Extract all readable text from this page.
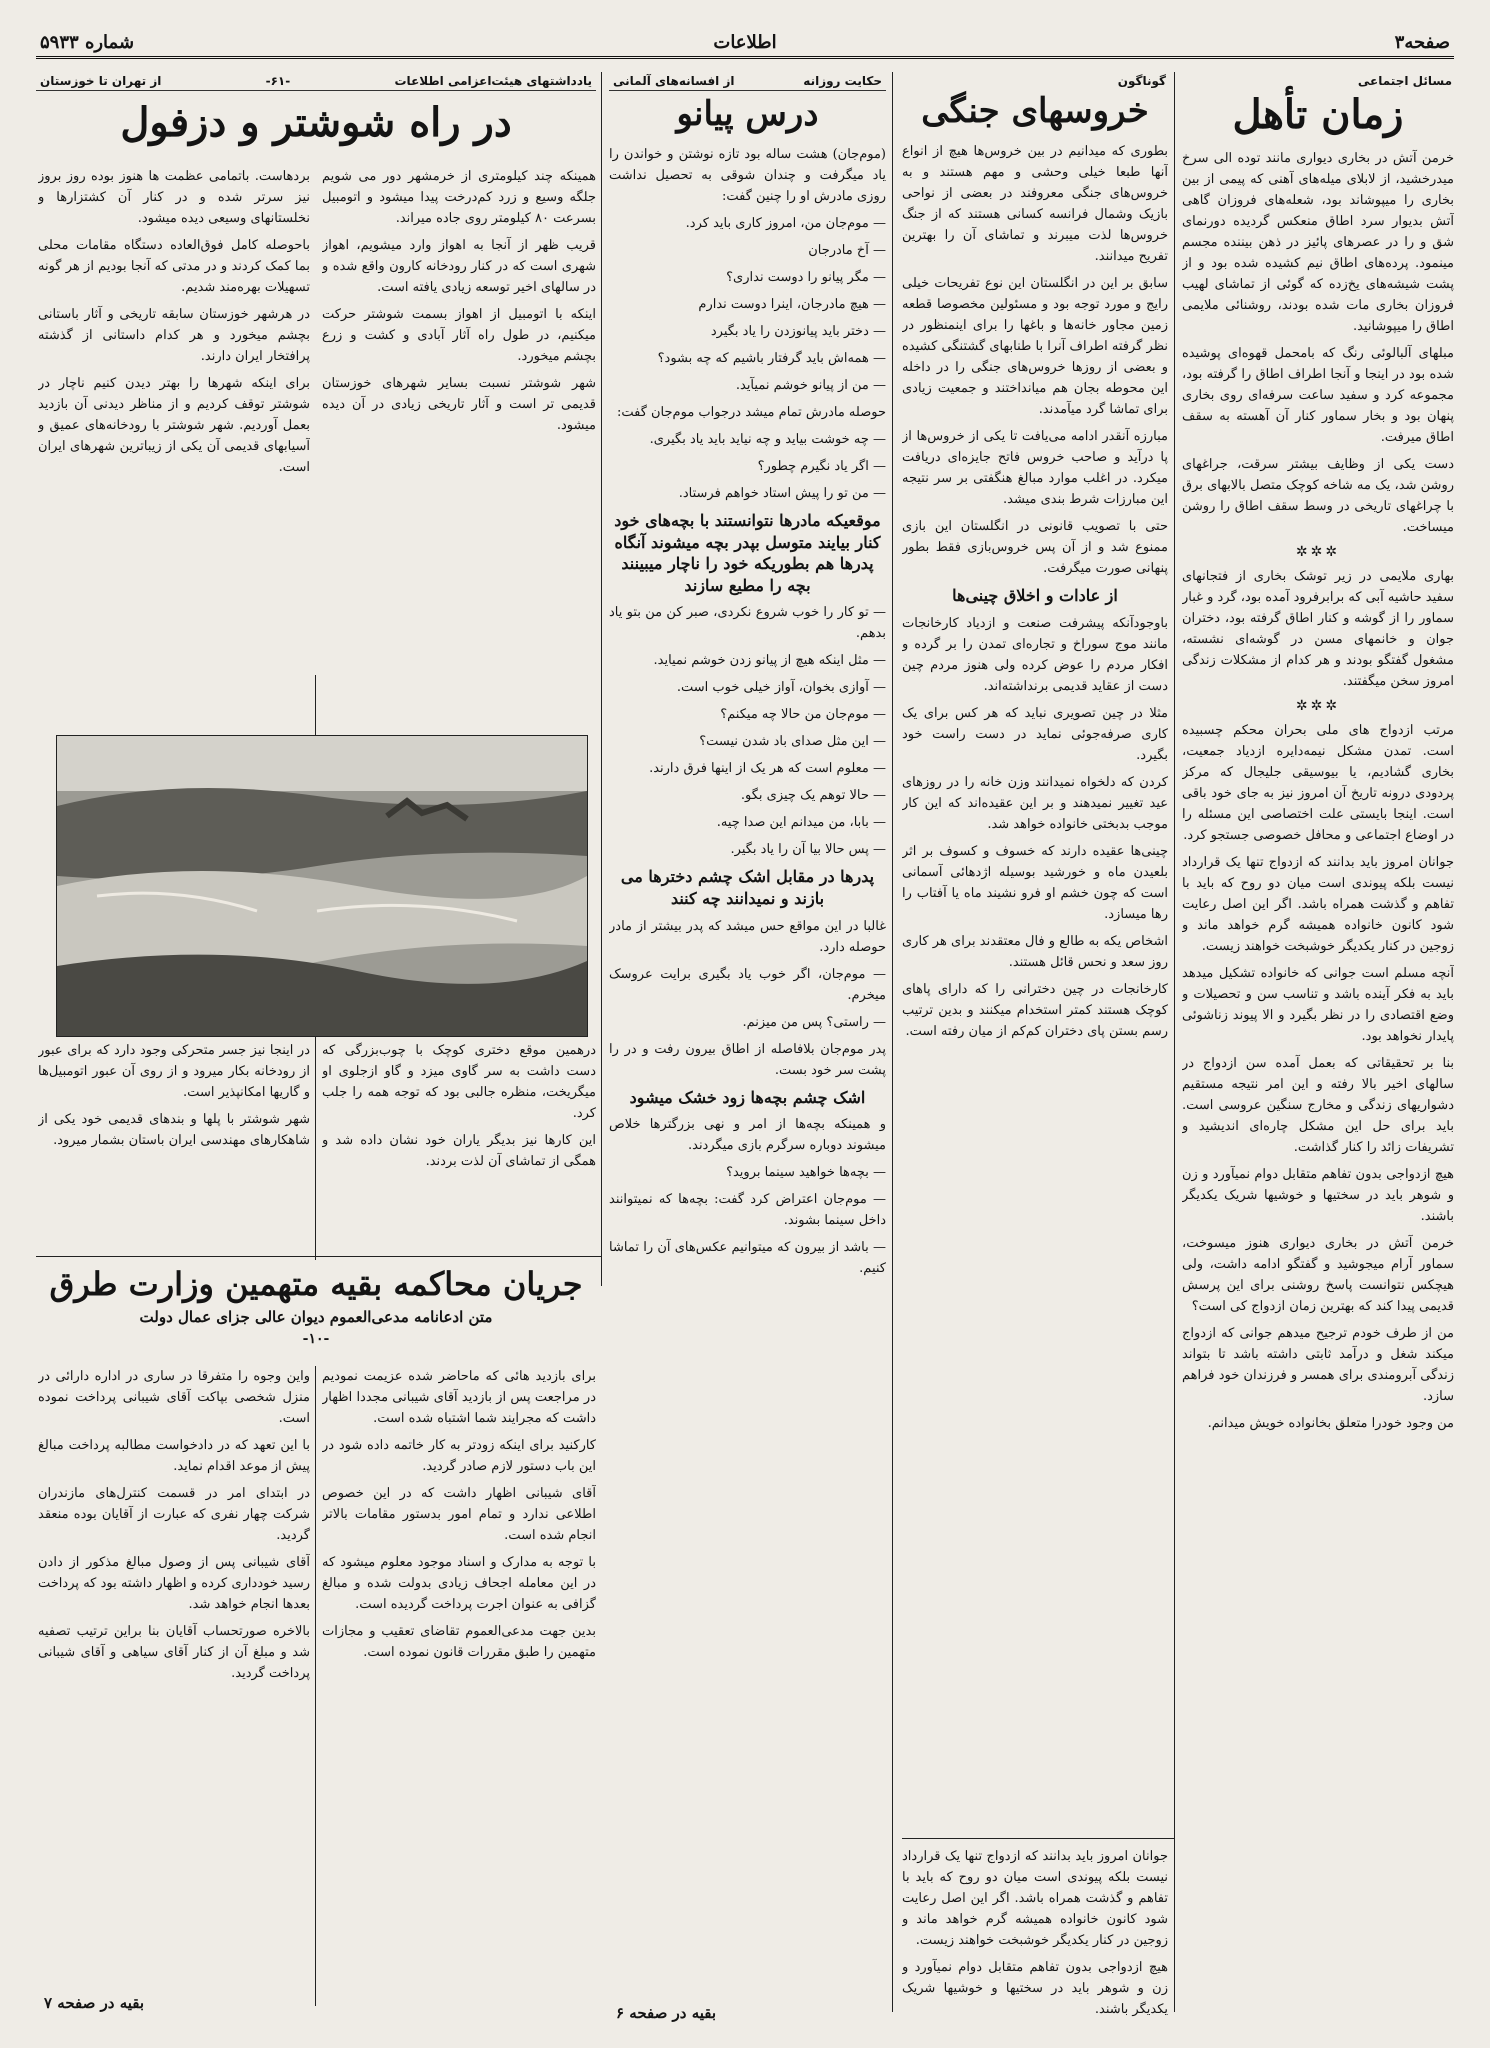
صفحه۳
اطلاعات
شماره ۵۹۳۳
مسائل اجتماعی
زمان تأهل

خرمن آتش در بخاری دیواری مانند توده الی سرخ میدرخشید، از لابلای میله‌های آهنی که پیمی از بین بخاری را میپوشاند بود، شعله‌های فروزان گاهی آتش بدیوار سرد اطاق منعکس گردیده دورنمای شق و را در عصرهای پائیز در ذهن بیننده مجسم مینمود. پرده‌های اطاق نیم کشیده شده بود و از پشت شیشه‌های یخ‌زده که گوئی از تماشای لهیب فروزان بخاری مات شده بودند، روشنائی ملایمی اطاق را میپوشانید.

مبلهای آلبالوئی رنگ که بامحمل قهوه‌ای پوشیده شده بود در اینجا و آنجا اطراف اطاق را گرفته بود، مجموعه کرد و سفید ساعت سرفه‌ای روی بخاری پنهان بود و بخار سماور کنار آن آهسته به سقف اطاق میرفت.

دست یکی از وظایف بیشتر سرقت، جراغهای روشن شد، یک مه شاخه کوچک متصل بالابهای برق با چراغهای تاریخی در وسط سقف اطاق را روشن میساخت.

✲✲✲

بهاری ملایمی در زیر توشک بخاری از فتجانهای سفید حاشیه آبی که برابرفرود آمده بود، گرد و غبار سماور را از گوشه و کنار اطاق گرفته بود، دختران جوان و خانمهای مسن در گوشه‌ای نشسته، مشغول گفتگو بودند و هر کدام از مشکلات زندگی امروز سخن میگفتند.

✲✲✲

مرتب ازدواج های ملی بحران محکم چسبیده است. تمدن مشکل نیمه‌دایره ازدیاد جمعیت، بخاری گشادیم، یا بیوسیقی جلیجال که مرکز پردودی درونه تاریخ آن امروز نیز به جای خود باقی است. اینجا بایستی علت اختصاصی این مسئله را در اوضاع اجتماعی و محافل خصوصی جستجو کرد.

جوانان امروز باید بدانند که ازدواج تنها یک قرارداد نیست بلکه پیوندی است میان دو روح که باید با تفاهم و گذشت همراه باشد. اگر این اصل رعایت شود کانون خانواده همیشه گرم خواهد ماند و زوجین در کنار یکدیگر خوشبخت خواهند زیست.

آنچه مسلم است جوانی که خانواده تشکیل میدهد باید به فکر آینده باشد و تناسب سن و تحصیلات و وضع اقتصادی را در نظر بگیرد و الا پیوند زناشوئی پایدار نخواهد بود.

بنا بر تحقیقاتی که بعمل آمده سن ازدواج در سالهای اخیر بالا رفته و این امر نتیجه مستقیم دشواریهای زندگی و مخارج سنگین عروسی است. باید برای حل این مشکل چاره‌ای اندیشید و تشریفات زائد را کنار گذاشت.

هیچ ازدواجی بدون تفاهم متقابل دوام نمیآورد و زن و شوهر باید در سختیها و خوشیها شریک یکدیگر باشند.

خرمن آتش در بخاری دیواری هنوز میسوخت، سماور آرام میجوشید و گفتگو ادامه داشت، ولی هیچکس نتوانست پاسخ روشنی برای این پرسش قدیمی پیدا کند که بهترین زمان ازدواج کی است؟

من از طرف خودم ترجیح میدهم جوانی که ازدواج میکند شغل و درآمد ثابتی داشته باشد تا بتواند زندگی آبرومندی برای همسر و فرزندان خود فراهم سازد.

من وجود خودرا متعلق بخانواده خویش میدانم.

گوناگون
خروسهای جنگی

بطوری که میدانیم در بین خروس‌ها هیچ از انواع آنها طبعا خیلی وحشی و مهم هستند و به خروس‌های جنگی معروفند در بعضی از نواحی بازیک وشمال فرانسه کسانی هستند که از جنگ خروس‌ها لذت میبرند و تماشای آن را بهترین تفریح میدانند.

سابق بر این در انگلستان این نوع تفریحات خیلی رایج و مورد توجه بود و مسئولین مخصوصا قطعه زمین مجاور خانه‌ها و باغها را برای اینمنظور در نظر گرفته اطراف آنرا با طنابهای گشتنگی کشیده و بعضی از روزها خروس‌های جنگی را در داخله این محوطه بجان هم میانداختند و جمعیت زیادی برای تماشا گرد میآمدند.

مبارزه آنقدر ادامه می‌یافت تا یکی از خروس‌ها از پا درآید و صاحب خروس فاتح جایزه‌ای دریافت میکرد. در اغلب موارد مبالغ هنگفتی بر سر نتیجه این مبارزات شرط بندی میشد.

حتی با تصویب قانونی در انگلستان این بازی ممنوع شد و از آن پس خروس‌بازی فقط بطور پنهانی صورت میگرفت.

از عادات و اخلاق چینی‌ها

باوجودآنکه پیشرفت صنعت و ازدیاد کارخانجات مانند موج سوراخ و تجاره‌ای تمدن را بر گرده و افکار مردم را عوض کرده ولی هنوز مردم چین دست از عقاید قدیمی برنداشته‌اند.

مثلا در چین تصویری نباید که هر کس برای یک کاری صرفه‌جوئی نماید در دست راست خود بگیرد.

کردن که دلخواه نمیدانند وزن خانه را در روزهای عید تغییر نمیدهند و بر این عقیده‌اند که این کار موجب بدبختی خانواده خواهد شد.

چینی‌ها عقیده دارند که خسوف و کسوف بر اثر بلعیدن ماه و خورشید بوسیله اژدهائی آسمانی است که چون خشم او فرو نشیند ماه یا آفتاب را رها میسازد.

اشخاص یکه به طالع و فال معتقدند برای هر کاری روز سعد و نحس قائل هستند.

کارخانجات در چین دخترانی را که دارای پاهای کوچک هستند کمتر استخدام میکنند و بدین ترتیب رسم بستن پای دختران کم‌کم از میان رفته است.

جوانان امروز باید بدانند که ازدواج تنها یک قرارداد نیست بلکه پیوندی است میان دو روح که باید با تفاهم و گذشت همراه باشد. اگر این اصل رعایت شود کانون خانواده همیشه گرم خواهد ماند و زوجین در کنار یکدیگر خوشبخت خواهند زیست.

هیچ ازدواجی بدون تفاهم متقابل دوام نمیآورد و زن و شوهر باید در سختیها و خوشیها شریک یکدیگر باشند.

حکایت روزانه
از افسانه‌های آلمانی
درس پیانو

(موم‌جان) هشت ساله بود تازه نوشتن و خواندن را یاد میگرفت و چندان شوقی به تحصیل نداشت روزی مادرش او را چنین گفت:

— موم‌جان من، امروز کاری باید کرد.

— آخ مادرجان

— مگر پیانو را دوست نداری؟

— هیچ مادرجان، اینرا دوست ندارم

— دختر باید پیانوزدن را یاد بگیرد

— همه‌اش باید گرفتار باشیم که چه بشود؟

— من از پیانو خوشم نمیآید.

حوصله مادرش تمام میشد درجواب موم‌جان گفت:

— چه خوشت بیاید و چه نیاید باید یاد بگیری.

— اگر یاد نگیرم چطور؟

— من تو را پیش استاد خواهم فرستاد.

موقعیکه مادرها نتوانستند با بچه‌های خود کنار بیایند متوسل بپدر بچه میشوند آنگاه پدرها هم بطوریکه خود را ناچار میبینند بچه را مطیع سازند

— تو کار را خوب شروع نکردی، صبر کن من بتو یاد بدهم.

— مثل اینکه هیچ از پیانو زدن خوشم نمیاید.

— آوازی بخوان، آواز خیلی خوب است.

— موم‌جان من حالا چه میکنم؟

— این مثل صدای باد شدن نیست؟

— معلوم است که هر یک از اینها فرق دارند.

— حالا توهم یک چیزی بگو.

— بابا، من میدانم این صدا چیه.

— پس حالا بیا آن را یاد بگیر.

پدرها در مقابل اشک چشم دخترها می بازند و نمیدانند چه کنند

غالبا در این مواقع حس میشد که پدر بیشتر از مادر حوصله دارد.

— موم‌جان، اگر خوب یاد بگیری برایت عروسک میخرم.

— راستی؟ پس من میزنم.

پدر موم‌جان بلافاصله از اطاق بیرون رفت و در را پشت سر خود بست.

اشک چشم بچه‌ها زود خشک میشود

و همینکه بچه‌ها از امر و نهی بزرگترها خلاص میشوند دوباره سرگرم بازی میگردند.

— بچه‌ها خواهید سینما بروید؟

— موم‌جان اعتراض کرد گفت: بچه‌ها که نمیتوانند داخل سینما بشوند.

— باشد از بیرون که میتوانیم عکس‌های آن را تماشا کنیم.

بقیه در صفحه ۶
یادداشتهای هیئت‌اعزامی اطلاعات
-۶۱-
از تهران تا خوزستان
در راه شوشتر و دزفول

همینکه چند کیلومتری از خرمشهر دور می شویم جلگه وسیع و زرد کم‌درخت پیدا میشود و اتومبیل بسرعت ۸۰ کیلومتر روی جاده میراند.

قریب ظهر از آنجا به اهواز وارد میشویم، اهواز شهری است که در کنار رودخانه کارون واقع شده و در سالهای اخیر توسعه زیادی یافته است.

اینکه با اتومبیل از اهواز بسمت شوشتر حرکت میکنیم، در طول راه آثار آبادی و کشت و زرع بچشم میخورد.

شهر شوشتر نسبت بسایر شهرهای خوزستان قدیمی تر است و آثار تاریخی زیادی در آن دیده میشود.

بردهاست. باتمامی عظمت ها هنوز بوده روز بروز نیز سرتر شده و در کنار آن کشتزارها و نخلستانهای وسیعی دیده میشود.

باحوصله کامل فوق‌العاده دستگاه مقامات محلی بما کمک کردند و در مدتی که آنجا بودیم از هر گونه تسهیلات بهره‌مند شدیم.

در هرشهر خوزستان سابقه تاریخی و آثار باستانی بچشم میخورد و هر کدام داستانی از گذشته پرافتخار ایران دارند.

برای اینکه شهرها را بهتر دیدن کنیم ناچار در شوشتر توقف کردیم و از مناظر دیدنی آن بازدید بعمل آوردیم. شهر شوشتر با رودخانه‌های عمیق و آسیابهای قدیمی آن یکی از زیباترین شهرهای ایران است.

درهمین موقع دختری کوچک با چوب‌بزرگی که دست داشت به سر گاوی میزد و گاو ازجلوی او میگریخت، منظره جالبی بود که توجه همه را جلب کرد.

این کارها نیز بدیگر یاران خود نشان داده شد و همگی از تماشای آن لذت بردند.

در اینجا نیز جسر متحرکی وجود دارد که برای عبور از رودخانه بکار میرود و از روی آن عبور اتومبیل‌ها و گاریها امکانپذیر است.

شهر شوشتر با پلها و بندهای قدیمی خود یکی از شاهکارهای مهندسی ایران باستان بشمار میرود.

جریان محاکمه بقیه متهمین وزارت طرق
متن ادعانامه مدعی‌العموم دیوان عالی جزای عمال دولت
-۱۰-

برای بازدید هائی که ماحاضر شده عزیمت نمودیم در مراجعت پس از بازدید آقای شیبانی مجددا اظهار داشت که مجرایند شما اشتباه شده است.

کارکنید برای اینکه زودتر به کار خاتمه داده شود در این باب دستور لازم صادر گردید.

آقای شیبانی اظهار داشت که در این خصوص اطلاعی ندارد و تمام امور بدستور مقامات بالاتر انجام شده است.

با توجه به مدارک و اسناد موجود معلوم میشود که در این معامله اجحاف زیادی بدولت شده و مبالغ گزافی به عنوان اجرت پرداخت گردیده است.

بدین جهت مدعی‌العموم تقاضای تعقیب و مجازات متهمین را طبق مقررات قانون نموده است.

واین وجوه را متفرقا در ساری در اداره دارائی در منزل شخصی بپاکت آقای شیبانی پرداخت نموده است.

با این تعهد که در دادخواست مطالبه پرداخت مبالغ پیش از موعد اقدام نماید.

در ابتدای امر در قسمت کنترل‌های مازندران شرکت چهار نفری که عبارت از آقایان بوده منعقد گردید.

آقای شیبانی پس از وصول مبالغ مذکور از دادن رسید خودداری کرده و اظهار داشته بود که پرداخت بعدها انجام خواهد شد.

بالاخره صورتحساب آقایان بنا براین ترتیب تصفیه شد و مبلغ آن از کنار آقای سیاهی و آقای شیبانی پرداخت گردید.

بقیه در صفحه ۷
